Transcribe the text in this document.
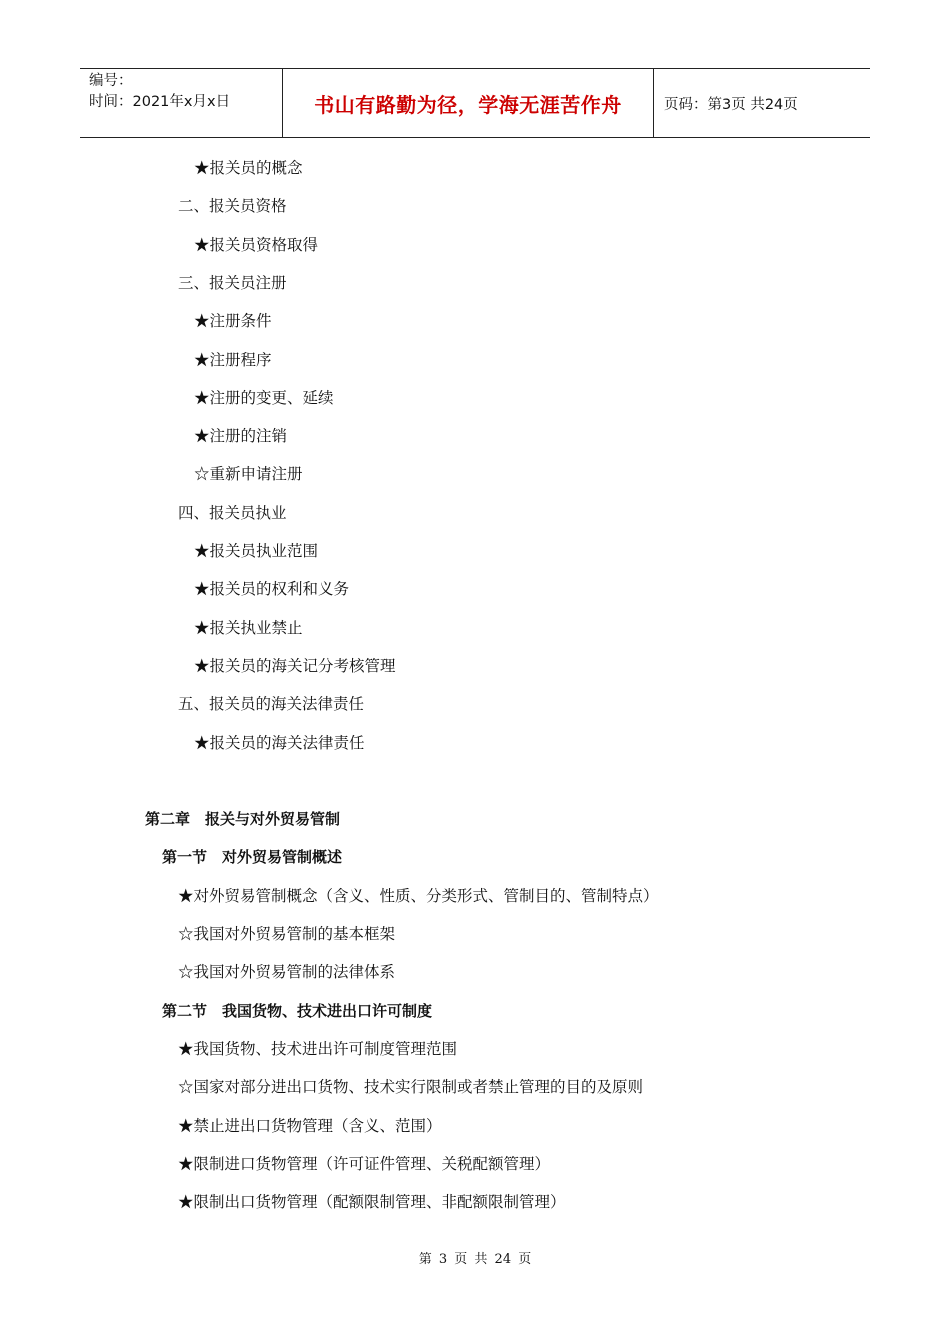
编号：
时间：2021年x月x日	书山有路勤为径，学海无涯苦作舟	页码：第3页 共24页
★报关员的概念
二、报关员资格
★报关员资格取得
三、报关员注册
★注册条件
★注册程序
★注册的变更、延续
★注册的注销
☆重新申请注册
四、报关员执业
★报关员执业范围
★报关员的权利和义务
★报关执业禁止
★报关员的海关记分考核管理
五、报关员的海关法律责任
★报关员的海关法律责任
第二章　报关与对外贸易管制
第一节　对外贸易管制概述
★对外贸易管制概念（含义、性质、分类形式、管制目的、管制特点）
☆我国对外贸易管制的基本框架
☆我国对外贸易管制的法律体系
第二节　我国货物、技术进出口许可制度
★我国货物、技术进出许可制度管理范围
☆国家对部分进出口货物、技术实行限制或者禁止管理的目的及原则
★禁止进出口货物管理（含义、范围）
★限制进口货物管理（许可证件管理、关税配额管理）
★限制出口货物管理（配额限制管理、非配额限制管理）
第 3 页 共 24 页
